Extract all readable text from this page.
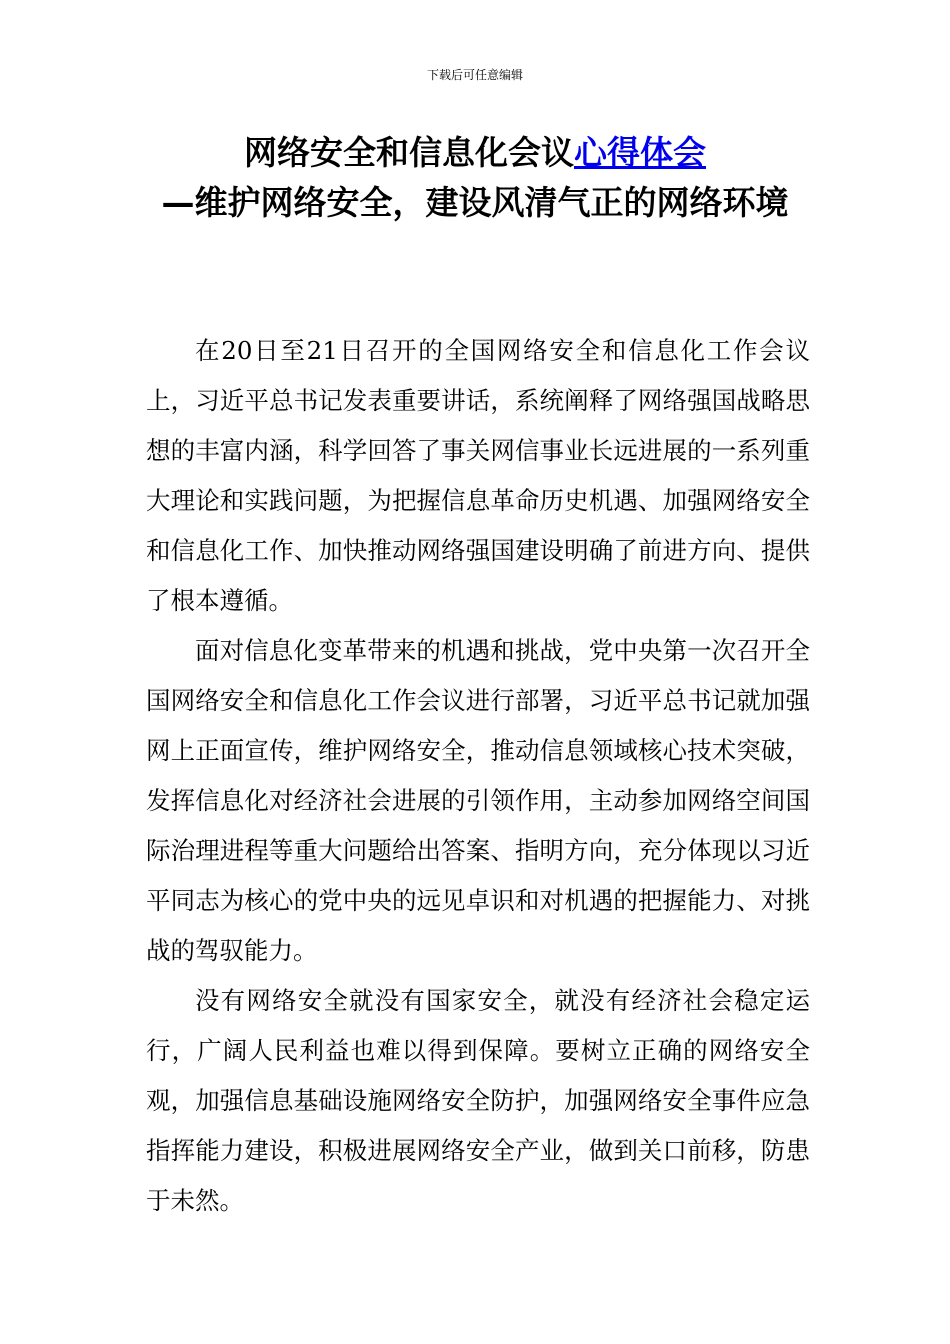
下载后可任意编辑
网络安全和信息化会议心得体会
—维护网络安全，建设风清气正的网络环境

在20日至21日召开的全国网络安全和信息化工作会议上，习近平总书记发表重要讲话，系统阐释了网络强国战略思想的丰富内涵，科学回答了事关网信事业长远进展的一系列重大理论和实践问题，为把握信息革命历史机遇、加强网络安全和信息化工作、加快推动网络强国建设明确了前进方向、提供了根本遵循。

面对信息化变革带来的机遇和挑战，党中央第一次召开全国网络安全和信息化工作会议进行部署，习近平总书记就加强网上正面宣传，维护网络安全，推动信息领域核心技术突破，发挥信息化对经济社会进展的引领作用，主动参加网络空间国际治理进程等重大问题给出答案、指明方向，充分体现以习近平同志为核心的党中央的远见卓识和对机遇的把握能力、对挑战的驾驭能力。

没有网络安全就没有国家安全，就没有经济社会稳定运行，广阔人民利益也难以得到保障。要树立正确的网络安全观，加强信息基础设施网络安全防护，加强网络安全事件应急指挥能力建设，积极进展网络安全产业，做到关口前移，防患于未然。
